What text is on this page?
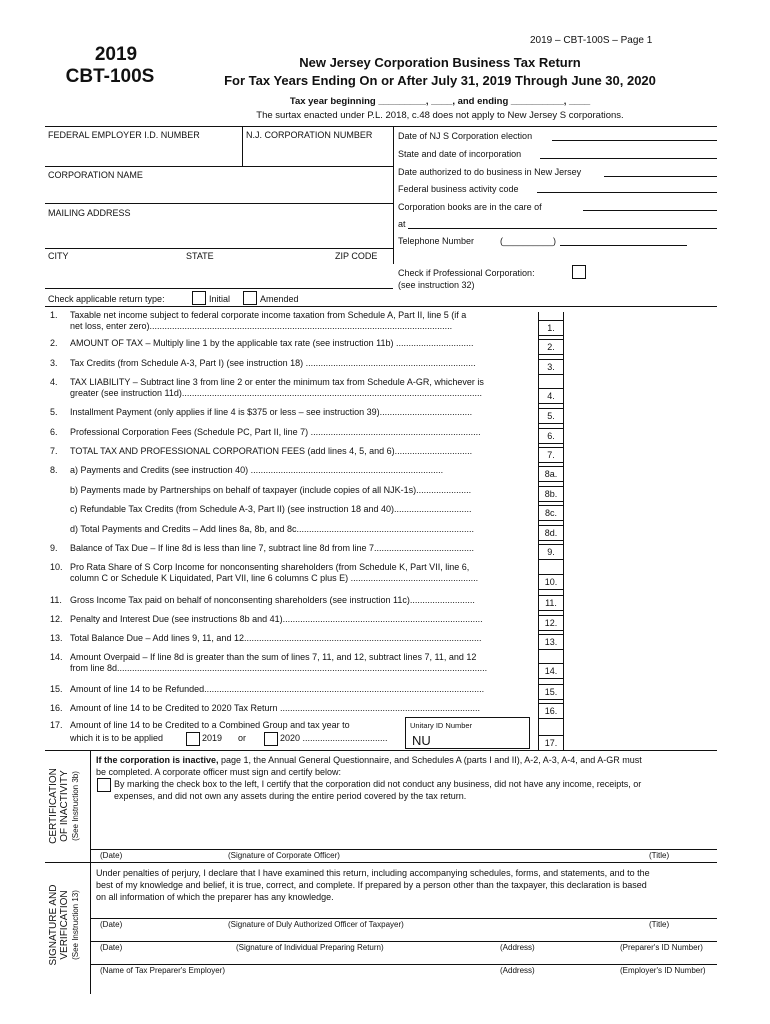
2019 – CBT-100S – Page 1
2019
CBT-100S
New Jersey Corporation Business Tax Return
For Tax Years Ending On or After July 31, 2019 Through June 30, 2020
Tax year beginning _________, ____, and ending __________, ____
The surtax enacted under P.L. 2018, c.48 does not apply to New Jersey S corporations.
FEDERAL EMPLOYER I.D. NUMBER	N.J. CORPORATION NUMBER
CORPORATION NAME
MAILING ADDRESS
CITY	STATE	ZIP CODE
Date of NJ S Corporation election
State and date of incorporation
Date authorized to do business in New Jersey
Federal business activity code
Corporation books are in the care of
at
Telephone Number	(__________)
Check if Professional Corporation:
(see instruction 32)
Check applicable return type:	Initial	Amended
1. Taxable net income subject to federal corporate income taxation from Schedule A, Part II, line 5 (if a
net loss, enter zero).........................................................................................................................	1.
2. AMOUNT OF TAX – Multiply line 1 by the applicable tax rate (see instruction 11b) ...............................	2.
3. Tax Credits (from Schedule A-3, Part I) (see instruction 18) ....................................................................	3.
4. TAX LIABILITY – Subtract line 3 from line 2 or enter the minimum tax from Schedule A-GR, whichever is
greater (see instruction 11d)........................................................................................................................	4.
5. Installment Payment (only applies if line 4 is $375 or less – see instruction 39).....................................	5.
6. Professional Corporation Fees (Schedule PC, Part II, line 7) ....................................................................	6.
7. TOTAL TAX AND PROFESSIONAL CORPORATION FEES (add lines 4, 5, and 6)...............................	7.
8. a) Payments and Credits (see instruction 40) .............................................................................	8a.
b) Payments made by Partnerships on behalf of taxpayer (include copies of all NJK-1s)......................	8b.
c) Refundable Tax Credits (from Schedule A-3, Part II) (see instruction 18 and 40)...............................	8c.
d) Total Payments and Credits – Add lines 8a, 8b, and 8c.......................................................................	8d.
9. Balance of Tax Due – If line 8d is less than line 7, subtract line 8d from line 7........................................	9.
10. Pro Rata Share of S Corp Income for nonconsenting shareholders (from Schedule K, Part VII, line 6,
column C or Schedule K Liquidated, Part VII, line 6 columns C plus E) ...................................................	10.
11. Gross Income Tax paid on behalf of nonconsenting shareholders (see instruction 11c)..........................	11.
12. Penalty and Interest Due (see instructions 8b and 41)................................................................................	12.
13. Total Balance Due – Add lines 9, 11, and 12...............................................................................................	13.
14. Amount Overpaid – If line 8d is greater than the sum of lines 7, 11, and 12, subtract lines 7, 11, and 12
from line 8d....................................................................................................................................................	14.
15. Amount of line 14 to be Refunded................................................................................................................	15.
16. Amount of line 14 to be Credited to 2020 Tax Return ................................................................................	16.
17. Amount of line 14 to be Credited to a Combined Group and tax year to
which it is to be applied	2019 or	2020 ..................................
Unitary ID Number
NU	17.
CERTIFICATION OF INACTIVITY (See Instruction 3b)
If the corporation is inactive, page 1, the Annual General Questionnaire, and Schedules A (parts I and II), A-2, A-3, A-4, and A-GR must
be completed. A corporate officer must sign and certify below:
By marking the check box to the left, I certify that the corporation did not conduct any business, did not have any income, receipts, or
expenses, and did not own any assets during the entire period covered by the tax return.
(Date)	(Signature of Corporate Officer)	(Title)
SIGNATURE AND VERIFICATION (See Instruction 13)
Under penalties of perjury, I declare that I have examined this return, including accompanying schedules, forms, and statements, and to the
best of my knowledge and belief, it is true, correct, and complete. If prepared by a person other than the taxpayer, this declaration is based
on all information of which the preparer has any knowledge.
(Date)	(Signature of Duly Authorized Officer of Taxpayer)	(Title)
(Date)	(Signature of Individual Preparing Return)	(Address)	(Preparer's ID Number)
(Name of Tax Preparer's Employer)	(Address)	(Employer's ID Number)
